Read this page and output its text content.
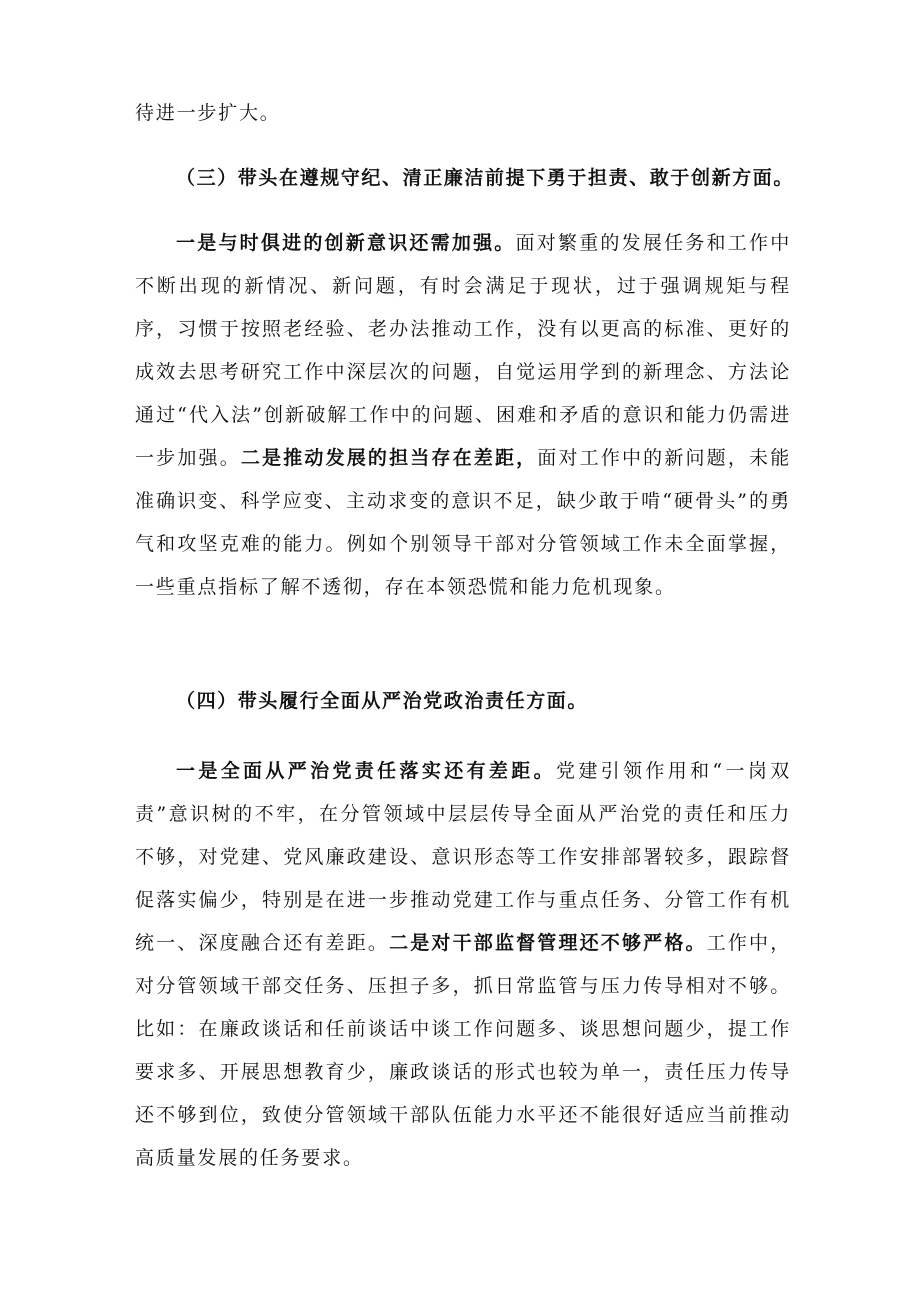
待进一步扩大。

（三）带头在遵规守纪、清正廉洁前提下勇于担责、敢于创新方面。

一是与时俱进的创新意识还需加强。面对繁重的发展任务和工作中不断出现的新情况、新问题，有时会满足于现状，过于强调规矩与程序，习惯于按照老经验、老办法推动工作，没有以更高的标准、更好的成效去思考研究工作中深层次的问题，自觉运用学到的新理念、方法论通过“代入法”创新破解工作中的问题、困难和矛盾的意识和能力仍需进一步加强。二是推动发展的担当存在差距，面对工作中的新问题，未能准确识变、科学应变、主动求变的意识不足，缺少敢于啃“硬骨头”的勇气和攻坚克难的能力。例如个别领导干部对分管领域工作未全面掌握，一些重点指标了解不透彻，存在本领恐慌和能力危机现象。

（四）带头履行全面从严治党政治责任方面。

一是全面从严治党责任落实还有差距。党建引领作用和“一岗双责”意识树的不牢，在分管领域中层层传导全面从严治党的责任和压力不够，对党建、党风廉政建设、意识形态等工作安排部署较多，跟踪督促落实偏少，特别是在进一步推动党建工作与重点任务、分管工作有机统一、深度融合还有差距。二是对干部监督管理还不够严格。工作中，对分管领域干部交任务、压担子多，抓日常监管与压力传导相对不够。比如：在廉政谈话和任前谈话中谈工作问题多、谈思想问题少，提工作要求多、开展思想教育少，廉政谈话的形式也较为单一，责任压力传导还不够到位，致使分管领域干部队伍能力水平还不能很好适应当前推动高质量发展的任务要求。
